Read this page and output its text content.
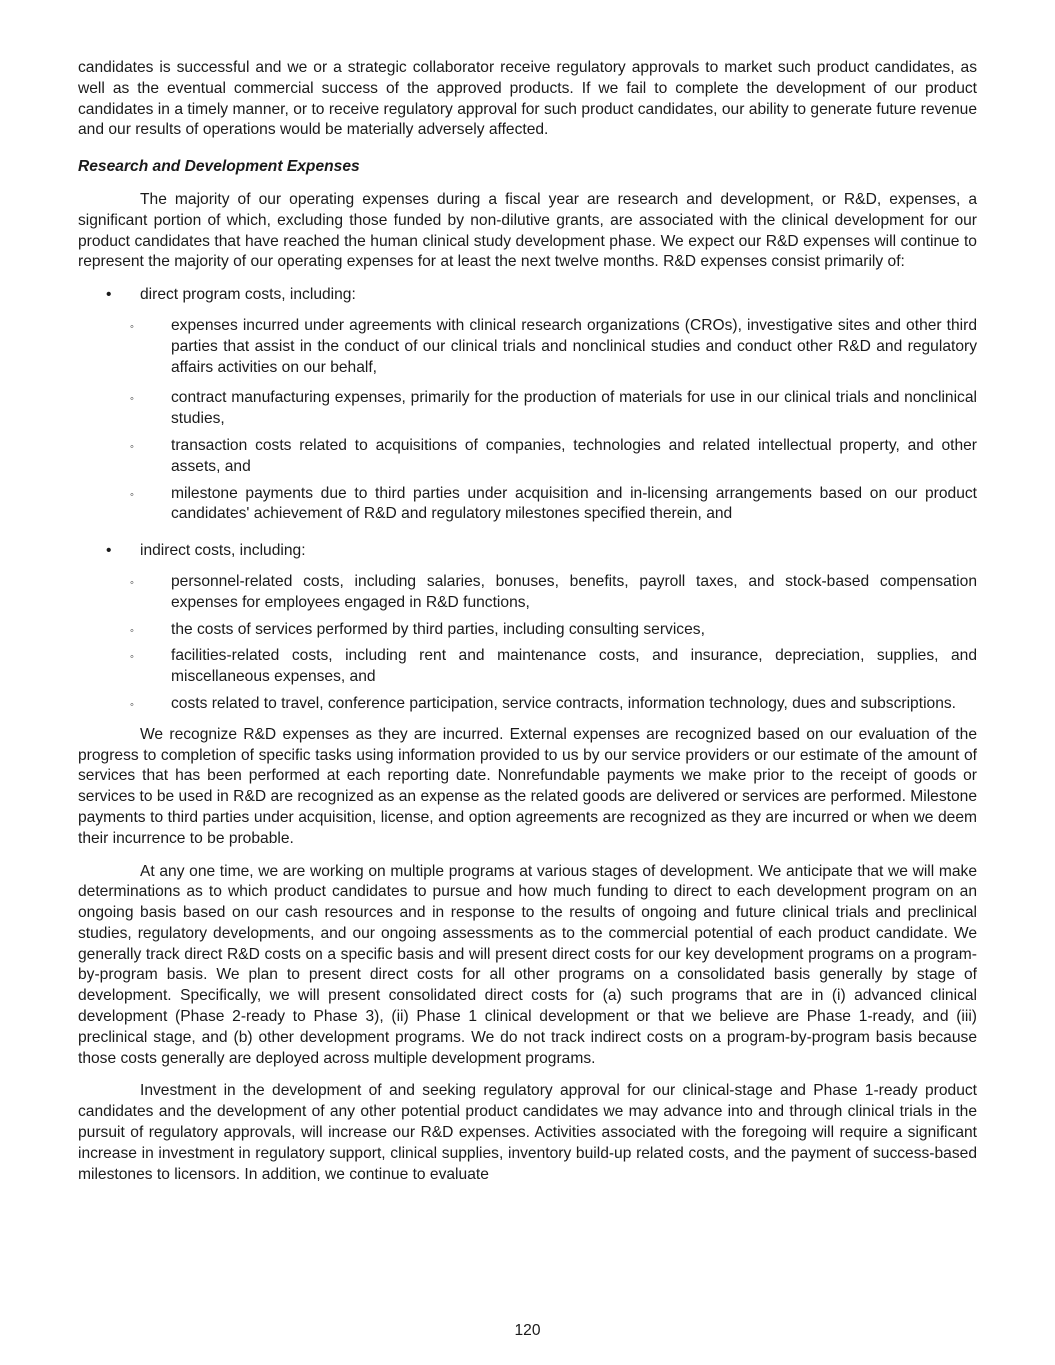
candidates is successful and we or a strategic collaborator receive regulatory approvals to market such product candidates, as well as the eventual commercial success of the approved products. If we fail to complete the development of our product candidates in a timely manner, or to receive regulatory approval for such product candidates, our ability to generate future revenue and our results of operations would be materially adversely affected.

Research and Development Expenses

The majority of our operating expenses during a fiscal year are research and development, or R&D, expenses, a significant portion of which, excluding those funded by non-dilutive grants, are associated with the clinical development for our product candidates that have reached the human clinical study development phase. We expect our R&D expenses will continue to represent the majority of our operating expenses for at least the next twelve months. R&D expenses consist primarily of:

• direct program costs, including:

◦ expenses incurred under agreements with clinical research organizations (CROs), investigative sites and other third parties that assist in the conduct of our clinical trials and nonclinical studies and conduct other R&D and regulatory affairs activities on our behalf,
◦ contract manufacturing expenses, primarily for the production of materials for use in our clinical trials and nonclinical studies,
◦ transaction costs related to acquisitions of companies, technologies and related intellectual property, and other assets, and
◦ milestone payments due to third parties under acquisition and in-licensing arrangements based on our product candidates' achievement of R&D and regulatory milestones specified therein, and
• indirect costs, including:

◦ personnel-related costs, including salaries, bonuses, benefits, payroll taxes, and stock-based compensation expenses for employees engaged in R&D functions,
◦ the costs of services performed by third parties, including consulting services,
◦ facilities-related costs, including rent and maintenance costs, and insurance, depreciation, supplies, and miscellaneous expenses, and
◦ costs related to travel, conference participation, service contracts, information technology, dues and subscriptions.

We recognize R&D expenses as they are incurred. External expenses are recognized based on our evaluation of the progress to completion of specific tasks using information provided to us by our service providers or our estimate of the amount of services that has been performed at each reporting date. Nonrefundable payments we make prior to the receipt of goods or services to be used in R&D are recognized as an expense as the related goods are delivered or services are performed. Milestone payments to third parties under acquisition, license, and option agreements are recognized as they are incurred or when we deem their incurrence to be probable.

At any one time, we are working on multiple programs at various stages of development. We anticipate that we will make determinations as to which product candidates to pursue and how much funding to direct to each development program on an ongoing basis based on our cash resources and in response to the results of ongoing and future clinical trials and preclinical studies, regulatory developments, and our ongoing assessments as to the commercial potential of each product candidate. We generally track direct R&D costs on a specific basis and will present direct costs for our key development programs on a program-by-program basis. We plan to present direct costs for all other programs on a consolidated basis generally by stage of development. Specifically, we will present consolidated direct costs for (a) such programs that are in (i) advanced clinical development (Phase 2-ready to Phase 3), (ii) Phase 1 clinical development or that we believe are Phase 1-ready, and (iii) preclinical stage, and (b) other development programs. We do not track indirect costs on a program-by-program basis because those costs generally are deployed across multiple development programs.

Investment in the development of and seeking regulatory approval for our clinical-stage and Phase 1-ready product candidates and the development of any other potential product candidates we may advance into and through clinical trials in the pursuit of regulatory approvals, will increase our R&D expenses. Activities associated with the foregoing will require a significant increase in investment in regulatory support, clinical supplies, inventory build-up related costs, and the payment of success-based milestones to licensors. In addition, we continue to evaluate

120
